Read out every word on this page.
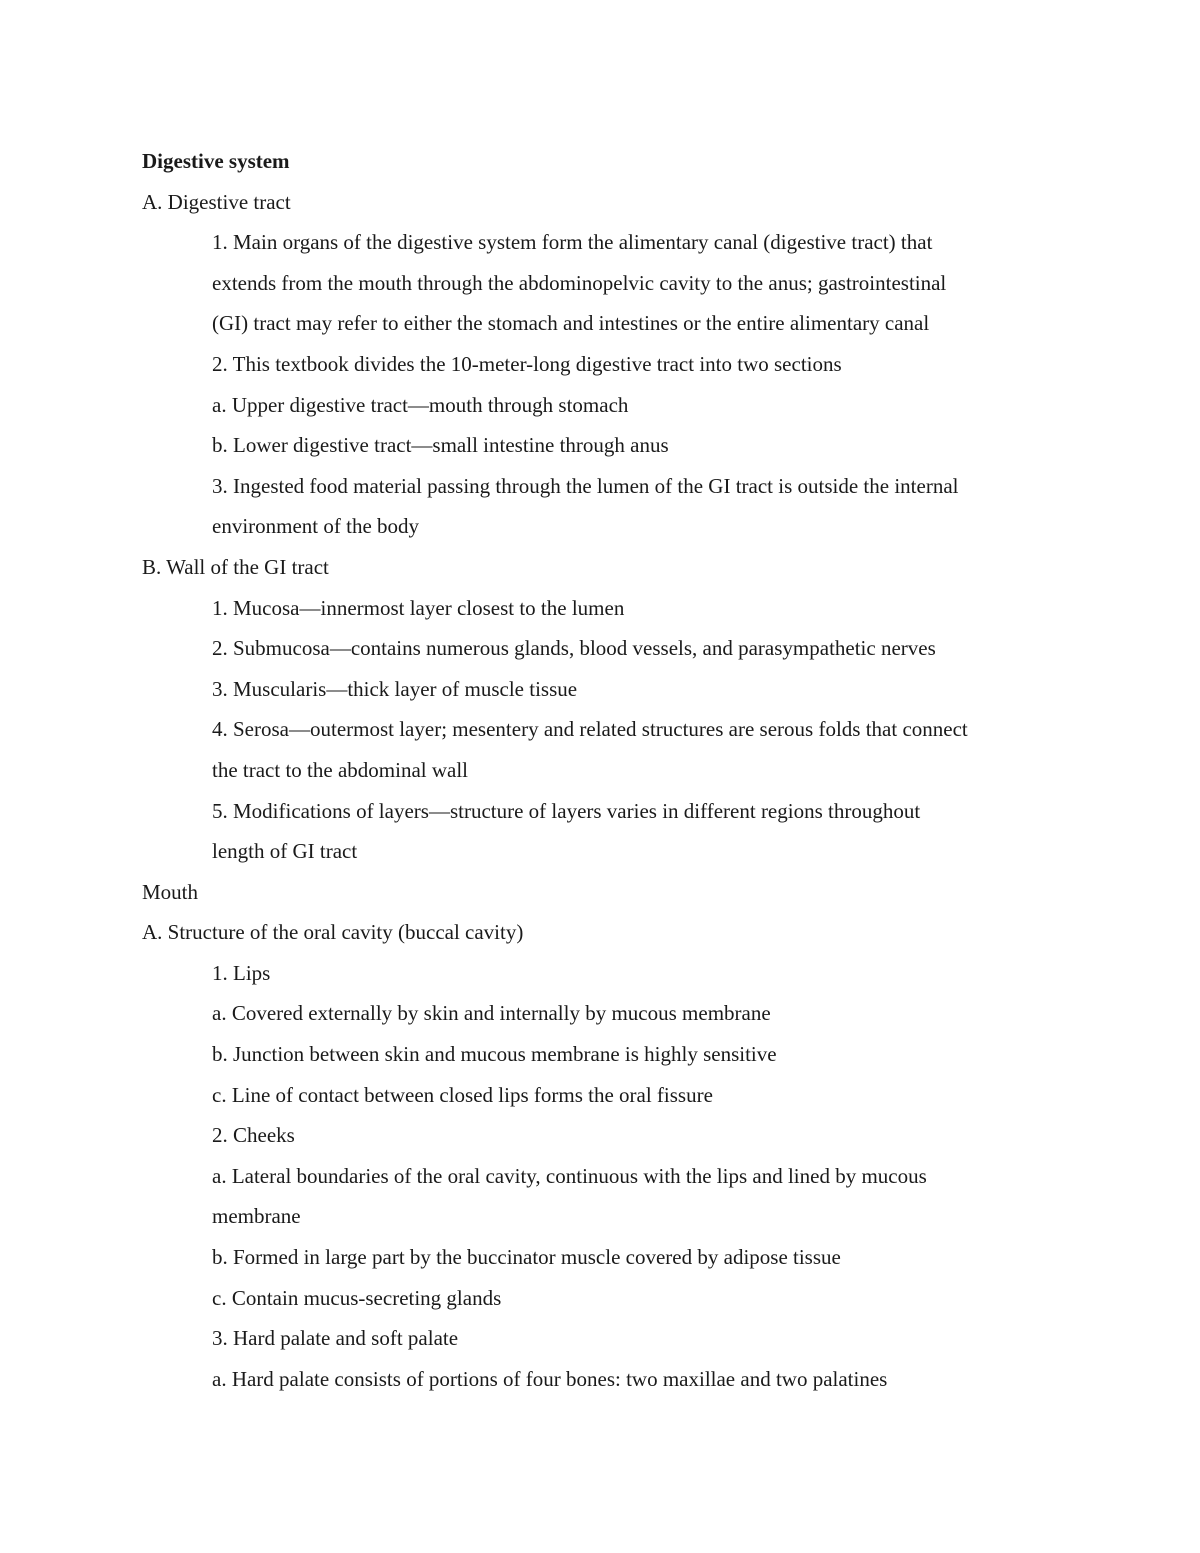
Digestive system

A. Digestive tract

1. Main organs of the digestive system form the alimentary canal (digestive tract) that

extends from the mouth through the abdominopelvic cavity to the anus; gastrointestinal

(GI) tract may refer to either the stomach and intestines or the entire alimentary canal

2. This textbook divides the 10-meter-long digestive tract into two sections

a. Upper digestive tract—mouth through stomach

b. Lower digestive tract—small intestine through anus

3. Ingested food material passing through the lumen of the GI tract is outside the internal

environment of the body

B. Wall of the GI tract

1. Mucosa—innermost layer closest to the lumen

2. Submucosa—contains numerous glands, blood vessels, and parasympathetic nerves

3. Muscularis—thick layer of muscle tissue

4. Serosa—outermost layer; mesentery and related structures are serous folds that connect

the tract to the abdominal wall

5. Modifications of layers—structure of layers varies in different regions throughout

length of GI tract

Mouth

A. Structure of the oral cavity (buccal cavity)

1. Lips

a. Covered externally by skin and internally by mucous membrane

b. Junction between skin and mucous membrane is highly sensitive

c. Line of contact between closed lips forms the oral fissure

2. Cheeks

a. Lateral boundaries of the oral cavity, continuous with the lips and lined by mucous

membrane

b. Formed in large part by the buccinator muscle covered by adipose tissue

c. Contain mucus-secreting glands

3. Hard palate and soft palate

a. Hard palate consists of portions of four bones: two maxillae and two palatines
